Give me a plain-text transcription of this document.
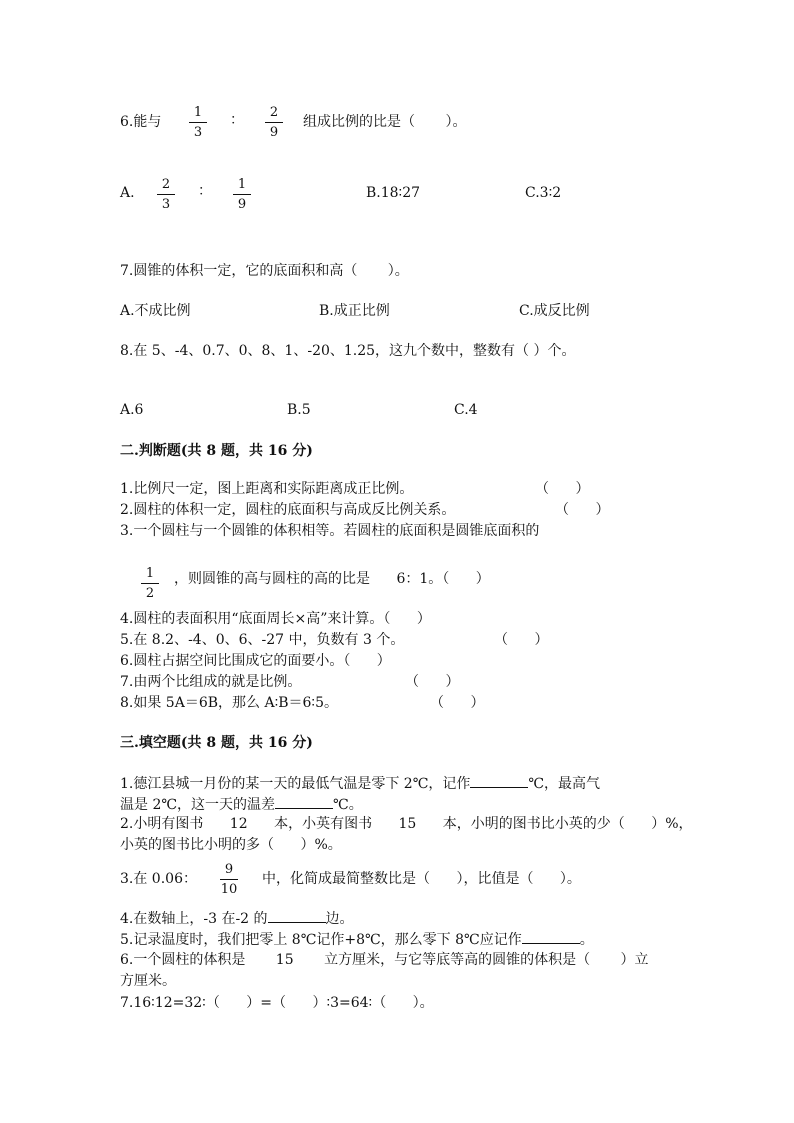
6.能与
1
3
：	2
9
组成比例的比是（ ）。
A.
2
3
：	1
9
B.18∶27	C.3∶2
7.圆锥的体积一定，它的底面积和高（ ）。
A.不成比例	B.成正比例	C.成反比例
8.在 5、-4、0.7、0、8、1、-20、1.25，这九个数中，整数有（ ）个。
A.6	B.5	C.4
二.判断题(共 8 题，共 16 分)
1.比例尺一定，图上距离和实际距离成正比例。	（ ）
2.圆柱的体积一定，圆柱的底面积与高成反比例关系。	（ ）
3.一个圆柱与一个圆锥的体积相等。若圆柱的底面积是圆锥底面积的
1
2
，则圆锥的高与圆柱的高的比是 6：1。（ ）
4.圆柱的表面积用“底面周长×高”来计算。（ ）
5.在 8.2、-4、0、6、-27 中，负数有 3 个。	（ ）
6.圆柱占据空间比围成它的面要小。（ ）
7.由两个比组成的就是比例。	（ ）
8.如果 5A＝6B，那么 A∶B＝6∶5。	（ ）
三.填空题(共 8 题，共 16 分)
1.德江县城一月份的某一天的最低气温是零下 2℃，记作	℃，最高气
温是 2℃，这一天的温差	℃。
2.小明有图书 12 本，小英有图书 15 本，小明的图书比小英的少（ ）%，
小英的图书比小明的多（ ）%。
3.在 0.06：
9
10
中，化简成最简整数比是（ ），比值是（ ）。
4.在数轴上，-3 在-2 的	边。
5.记录温度时，我们把零上 8℃记作+8℃，那么零下 8℃应记作	。
6.一个圆柱的体积是 15 立方厘米，与它等底等高的圆锥的体积是（ ）立
方厘米。
7.16∶12=32∶（ ）=（ ）∶3=64∶（ ）。
